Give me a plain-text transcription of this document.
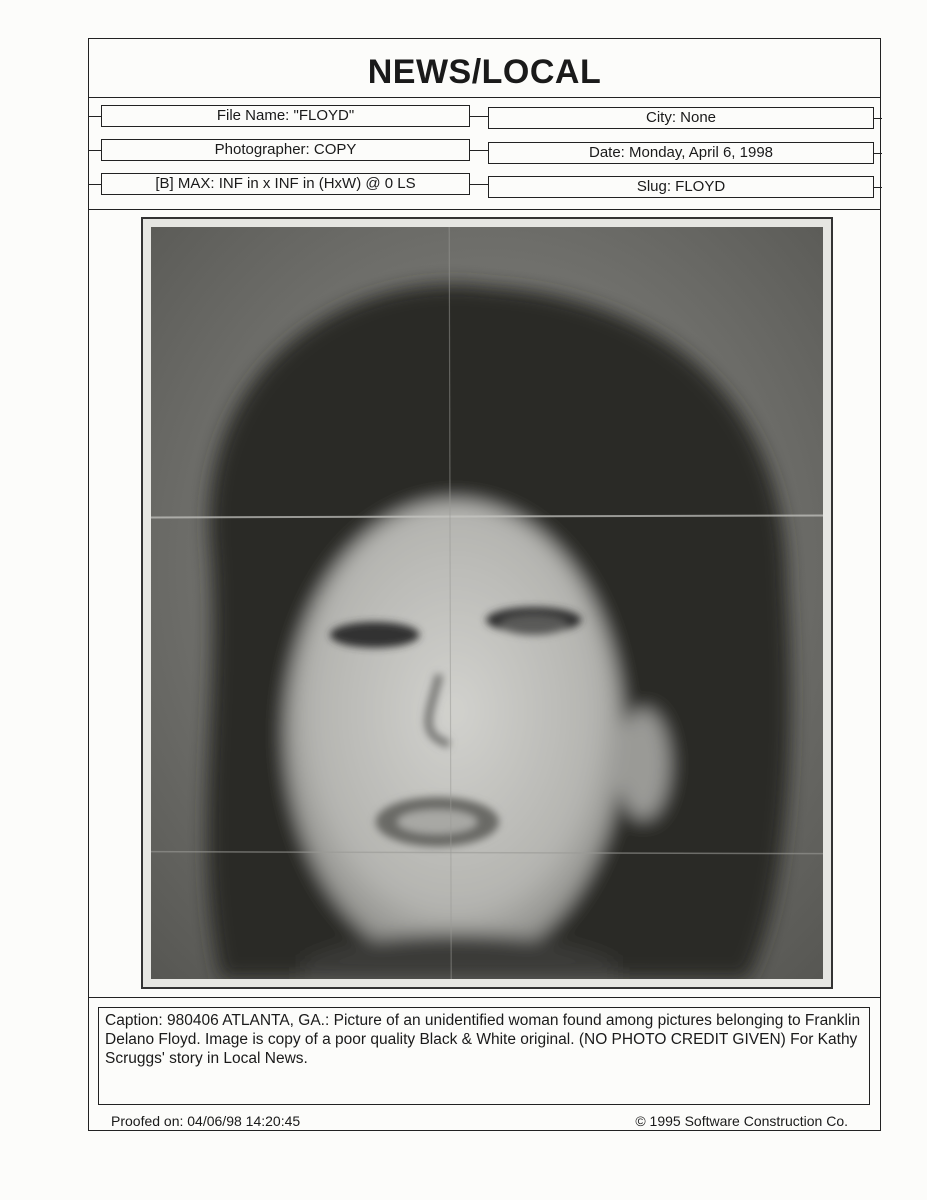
NEWS/LOCAL
File Name: "FLOYD"	City: None
Photographer: COPY	Date: Monday, April 6, 1998
[B] MAX: INF in x INF in (HxW) @ 0 LS	Slug: FLOYD
Caption: 980406 ATLANTA, GA.: Picture of an unidentified woman found among pictures belonging to Franklin Delano Floyd. Image is copy of a poor quality Black & White original. (NO PHOTO CREDIT GIVEN) For Kathy Scruggs' story in Local News.
Proofed on: 04/06/98 14:20:45	© 1995 Software Construction Co.
